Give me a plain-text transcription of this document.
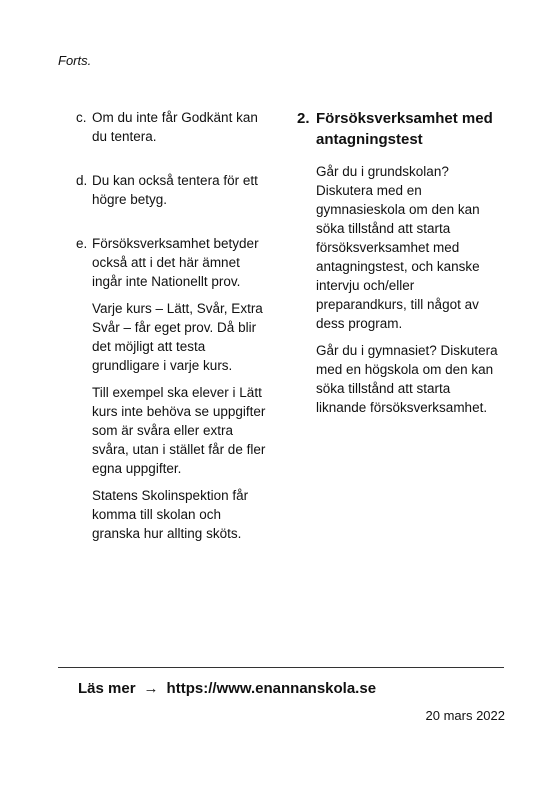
Forts.
c. Om du inte får Godkänt kan du tentera.
d. Du kan också tentera för ett högre betyg.
e. Försöksverksamhet betyder också att i det här ämnet ingår inte Nationellt prov.
Varje kurs – Lätt, Svår, Extra Svår – får eget prov. Då blir det möjligt att testa grundligare i varje kurs.
Till exempel ska elever i Lätt kurs inte behöva se uppgifter som är svåra eller extra svåra, utan i stället får de fler egna uppgifter.
Statens Skolinspektion får komma till skolan och granska hur allting sköts.
2. Försöksverksamhet med antagningstest

Går du i grundskolan? Diskutera med en gymnasieskola om den kan söka tillstånd att starta försöksverksamhet med antagningstest, och kanske intervju och/eller preparandkurs, till något av dess program.

Går du i gymnasiet? Diskutera med en högskola om den kan söka tillstånd att starta liknande försöksverksamhet.

Läs mer → https://www.enannanskola.se
20 mars 2022
